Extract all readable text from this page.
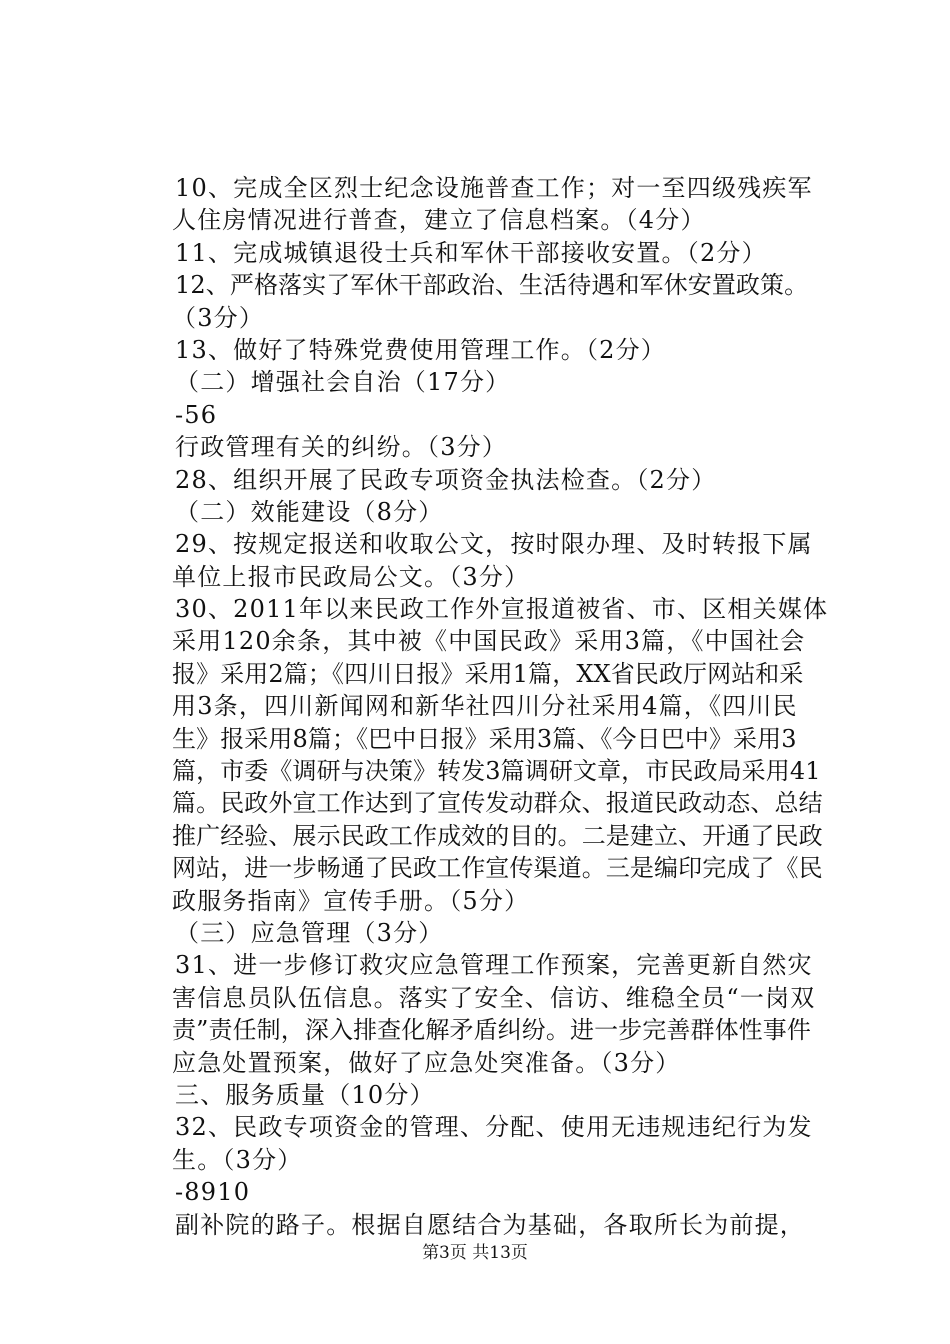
10、完成全区烈士纪念设施普查工作；对一至四级残疾军
人住房情况进行普查，建立了信息档案。（4分）
11、完成城镇退役士兵和军休干部接收安置。（2分）
12、严格落实了军休干部政治、生活待遇和军休安置政策。
（3分）
13、做好了特殊党费使用管理工作。（2分）
（二）增强社会自治（17分）
-56
行政管理有关的纠纷。（3分）
28、组织开展了民政专项资金执法检查。（2分）
（二）效能建设（8分）
29、按规定报送和收取公文，按时限办理、及时转报下属
单位上报市民政局公文。（3分）
30、2011年以来民政工作外宣报道被省、市、区相关媒体
采用120余条，其中被《中国民政》采用3篇，《中国社会
报》采用2篇；《四川日报》采用1篇，XX省民政厅网站和采
用3条，四川新闻网和新华社四川分社采用4篇，《四川民
生》报采用8篇；《巴中日报》采用3篇、《今日巴中》采用3
篇，市委《调研与决策》转发3篇调研文章，市民政局采用41
篇。民政外宣工作达到了宣传发动群众、报道民政动态、总结
推广经验、展示民政工作成效的目的。二是建立、开通了民政
网站，进一步畅通了民政工作宣传渠道。三是编印完成了《民
政服务指南》宣传手册。（5分）
（三）应急管理（3分）
31、进一步修订救灾应急管理工作预案，完善更新自然灾
害信息员队伍信息。落实了安全、信访、维稳全员“一岗双
责”责任制，深入排查化解矛盾纠纷。进一步完善群体性事件
应急处置预案，做好了应急处突准备。（3分）
三、服务质量（10分）
32、民政专项资金的管理、分配、使用无违规违纪行为发
生。（3分）
-8910
副补院的路子。根据自愿结合为基础，各取所长为前提，
第3页 共13页
